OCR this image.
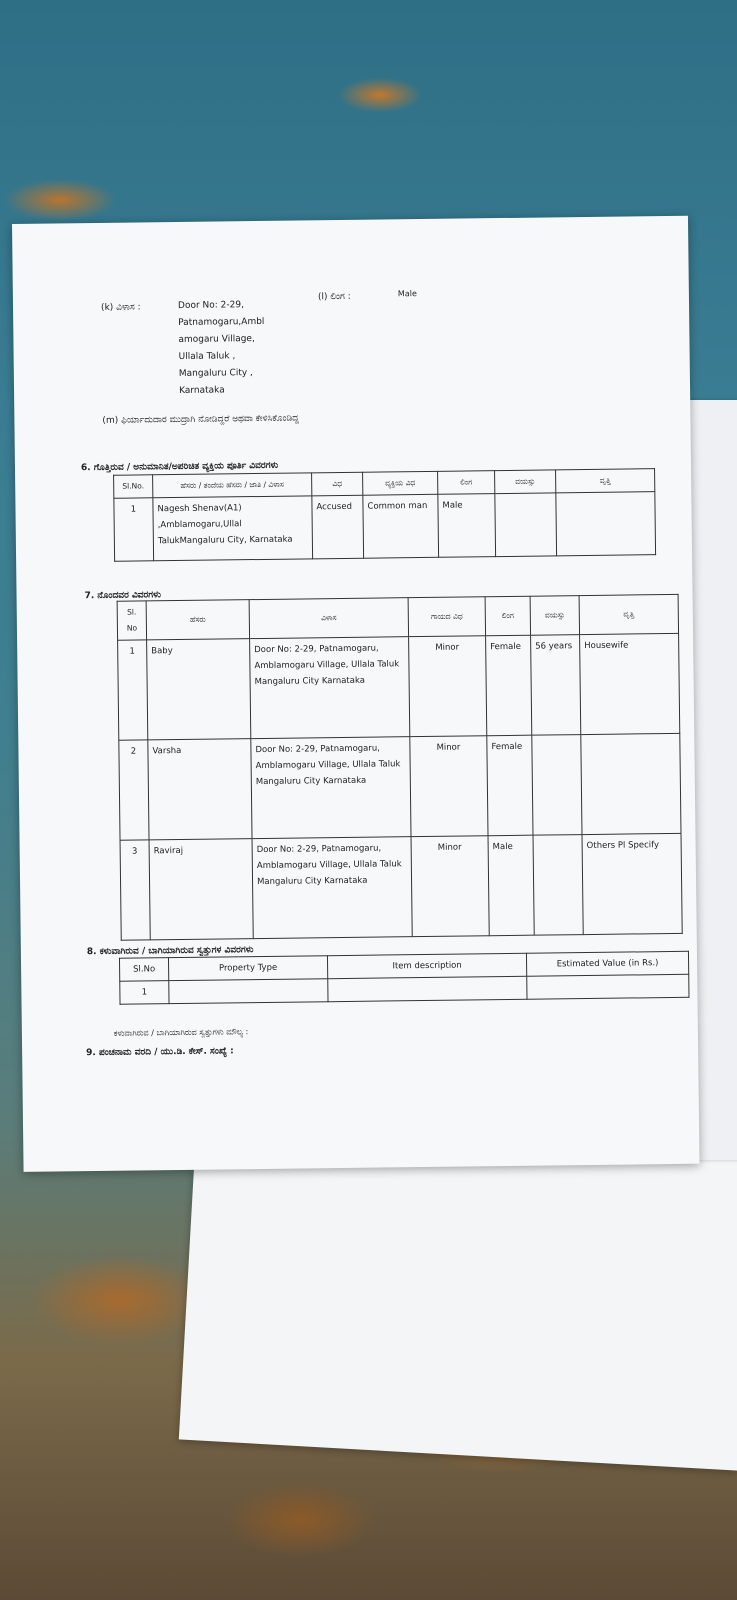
(k) ವಿಳಾಸ :	Door No: 2-29,
Patnamogaru,Ambl
amogaru Village,
Ullala Taluk ,
Mangaluru City ,
Karnataka
(l) ಲಿಂಗ :	Male
(m) ಫಿರ್ಯಾದುದಾರ ಮುದ್ರಾಗಿ ನೋಡಿದ್ದರೆ ಅಥವಾ ಕೇಳಿಸಿಕೊಂಡಿದ್ದ
6. ಗೊತ್ತಿರುವ / ಅನುಮಾನಿತ/ಅಪರಿಚಿತ ವ್ಯಕ್ತಿಯ ಪೂರ್ತಿ ವಿವರಗಳು
Sl.No.	ಹೆಸರು / ತಂದೆಯ ಹೆಸರು / ಜಾತಿ / ವಿಳಾಸ	ವಿಧ	ವ್ಯಕ್ತಿಯ ವಿಧ	ಲಿಂಗ	ವಯಸ್ಸು	ವೃತ್ತಿ
1	Nagesh Shenav(A1) ,Amblamogaru,Ullal TalukMangaluru City, Karnataka	Accused	Common man	Male		
7. ನೊಂದವರ ವಿವರಗಳು
Sl. No	ಹೆಸರು	ವಿಳಾಸ	ಗಾಯದ ವಿಧ	ಲಿಂಗ	ವಯಸ್ಸು	ವೃತ್ತಿ
1	Baby	Door No: 2-29, Patnamogaru, Amblamogaru Village, Ullala Taluk Mangaluru City Karnataka	Minor	Female	56 years	Housewife
2	Varsha	Door No: 2-29, Patnamogaru, Amblamogaru Village, Ullala Taluk Mangaluru City Karnataka	Minor	Female		
3	Raviraj	Door No: 2-29, Patnamogaru, Amblamogaru Village, Ullala Taluk Mangaluru City Karnataka	Minor	Male		Others Pl Specify
8. ಕಳುವಾಗಿರುವ / ಬಾಗಿಯಾಗಿರುವ ಸ್ವತ್ತುಗಳ ವಿವರಗಳು
Sl.No	Property Type	Item description	Estimated Value (in Rs.)
1			
ಕಳುವಾಗಿರುವ / ಬಾಗಿಯಾಗಿರುವ ಸ್ವತ್ತುಗಳು ಮೌಲ್ಯ :
9. ಪಂಚನಾಮ ವರದಿ / ಯು.ಡಿ. ಕೇಸ್. ಸಂಖ್ಯೆ :
